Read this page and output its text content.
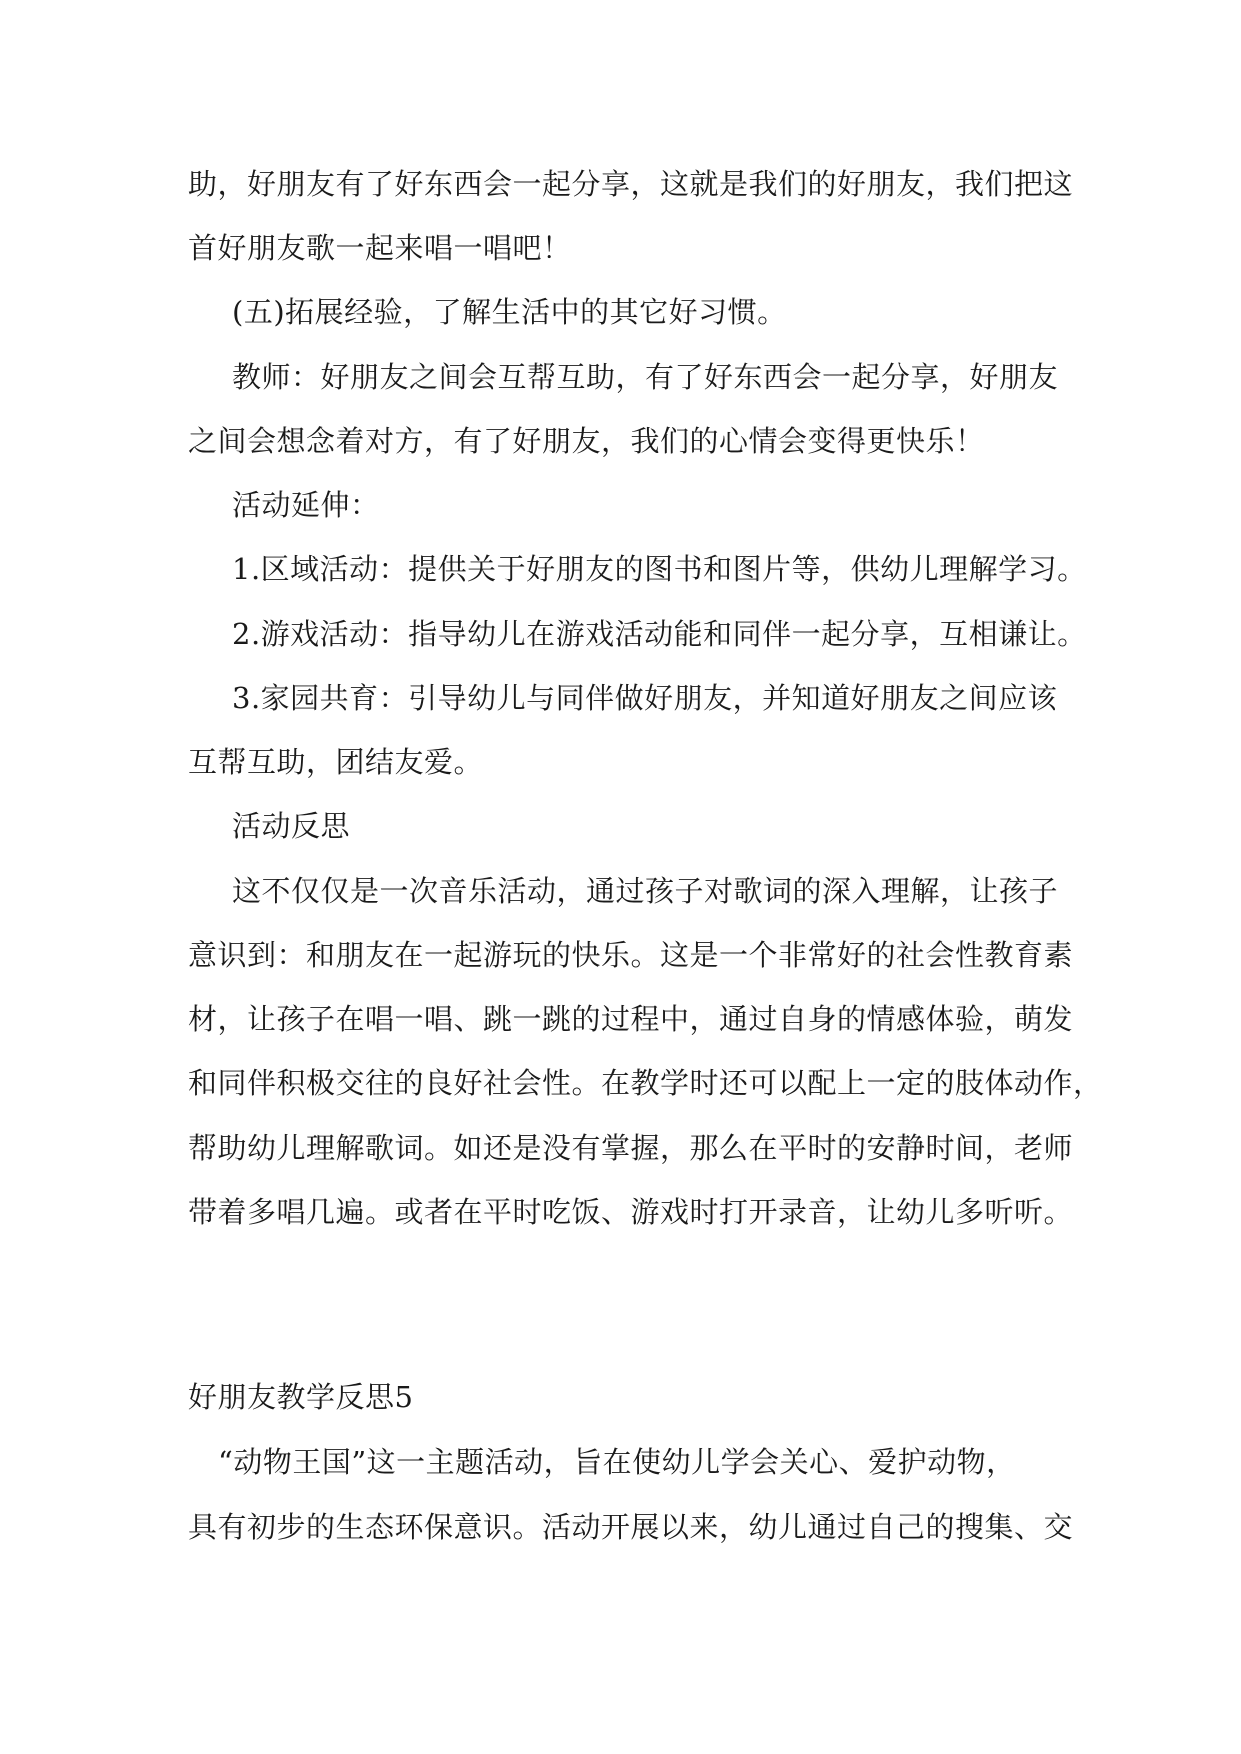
助，好朋友有了好东西会一起分享，这就是我们的好朋友，我们把这
首好朋友歌一起来唱一唱吧！
(五)拓展经验，了解生活中的其它好习惯。
教师：好朋友之间会互帮互助，有了好东西会一起分享，好朋友
之间会想念着对方，有了好朋友，我们的心情会变得更快乐！
活动延伸：
1.区域活动：提供关于好朋友的图书和图片等，供幼儿理解学习。
2.游戏活动：指导幼儿在游戏活动能和同伴一起分享，互相谦让。
3.家园共育：引导幼儿与同伴做好朋友，并知道好朋友之间应该
互帮互助，团结友爱。
活动反思
这不仅仅是一次音乐活动，通过孩子对歌词的深入理解，让孩子
意识到：和朋友在一起游玩的快乐。这是一个非常好的社会性教育素
材，让孩子在唱一唱、跳一跳的过程中，通过自身的情感体验，萌发
和同伴积极交往的良好社会性。在教学时还可以配上一定的肢体动作，
帮助幼儿理解歌词。如还是没有掌握，那么在平时的安静时间，老师
带着多唱几遍。或者在平时吃饭、游戏时打开录音，让幼儿多听听。
好朋友教学反思5
“动物王国”这一主题活动，旨在使幼儿学会关心、爱护动物，
具有初步的生态环保意识。活动开展以来，幼儿通过自己的搜集、交
